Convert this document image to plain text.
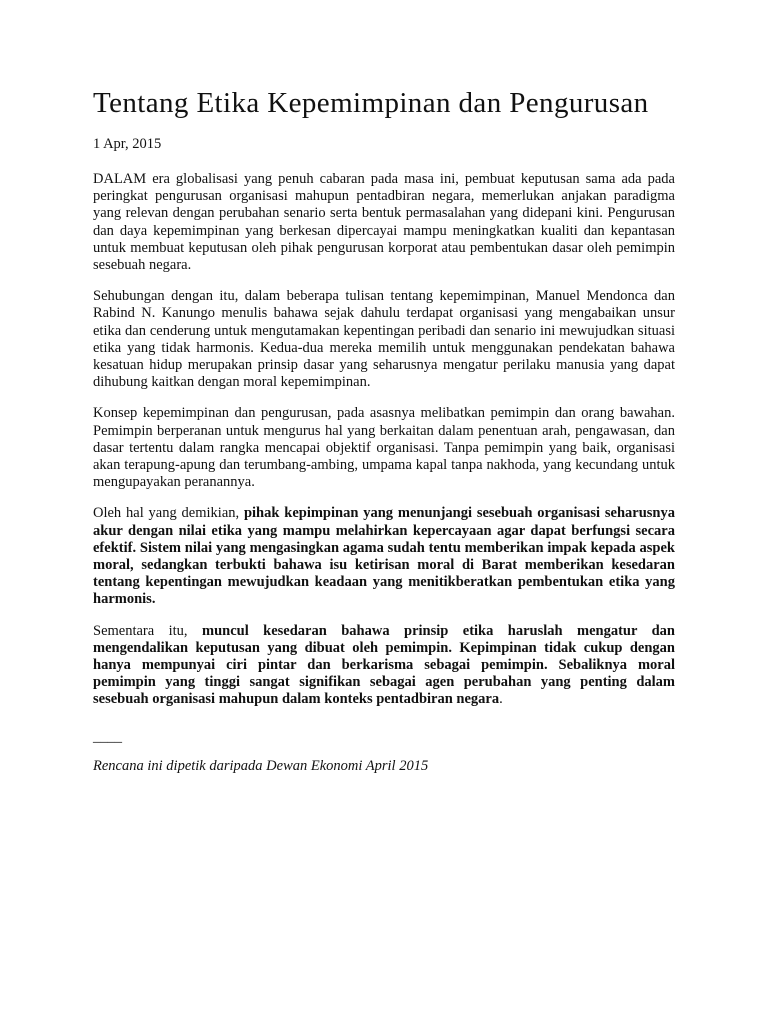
Tentang Etika Kepemimpinan dan Pengurusan

1 Apr, 2015

DALAM era globalisasi yang penuh cabaran pada masa ini, pembuat keputusan sama ada pada peringkat pengurusan organisasi mahupun pentadbiran negara, memerlukan anjakan paradigma yang relevan dengan perubahan senario serta bentuk permasalahan yang didepani kini. Pengurusan dan daya kepemimpinan yang berkesan dipercayai mampu meningkatkan kualiti dan kepantasan untuk membuat keputusan oleh pihak pengurusan korporat atau pembentukan dasar oleh pemimpin sesebuah negara.

Sehubungan dengan itu, dalam beberapa tulisan tentang kepemimpinan, Manuel Mendonca dan Rabind N. Kanungo menulis bahawa sejak dahulu terdapat organisasi yang mengabaikan unsur etika dan cenderung untuk mengutamakan kepentingan peribadi dan senario ini mewujudkan situasi etika yang tidak harmonis. Kedua-dua mereka memilih untuk menggunakan pendekatan bahawa kesatuan hidup merupakan prinsip dasar yang seharusnya mengatur perilaku manusia yang dapat dihubung kaitkan dengan moral kepemimpinan.

Konsep kepemimpinan dan pengurusan, pada asasnya melibatkan pemimpin dan orang bawahan. Pemimpin berperanan untuk mengurus hal yang berkaitan dalam penentuan arah, pengawasan, dan dasar tertentu dalam rangka mencapai objektif organisasi. Tanpa pemimpin yang baik, organisasi akan terapung-apung dan terumbang-ambing, umpama kapal tanpa nakhoda, yang kecundang untuk mengupayakan peranannya.

Oleh hal yang demikian, pihak kepimpinan yang menunjangi sesebuah organisasi seharusnya akur dengan nilai etika yang mampu melahirkan kepercayaan agar dapat berfungsi secara efektif. Sistem nilai yang mengasingkan agama sudah tentu memberikan impak kepada aspek moral, sedangkan terbukti bahawa isu ketirisan moral di Barat memberikan kesedaran tentang kepentingan mewujudkan keadaan yang menitikberatkan pembentukan etika yang harmonis.

Sementara itu, muncul kesedaran bahawa prinsip etika haruslah mengatur dan mengendalikan keputusan yang dibuat oleh pemimpin. Kepimpinan tidak cukup dengan hanya mempunyai ciri pintar dan berkarisma sebagai pemimpin. Sebaliknya moral pemimpin yang tinggi sangat signifikan sebagai agen perubahan yang penting dalam sesebuah organisasi mahupun dalam konteks pentadbiran negara.

____

Rencana ini dipetik daripada Dewan Ekonomi April 2015
